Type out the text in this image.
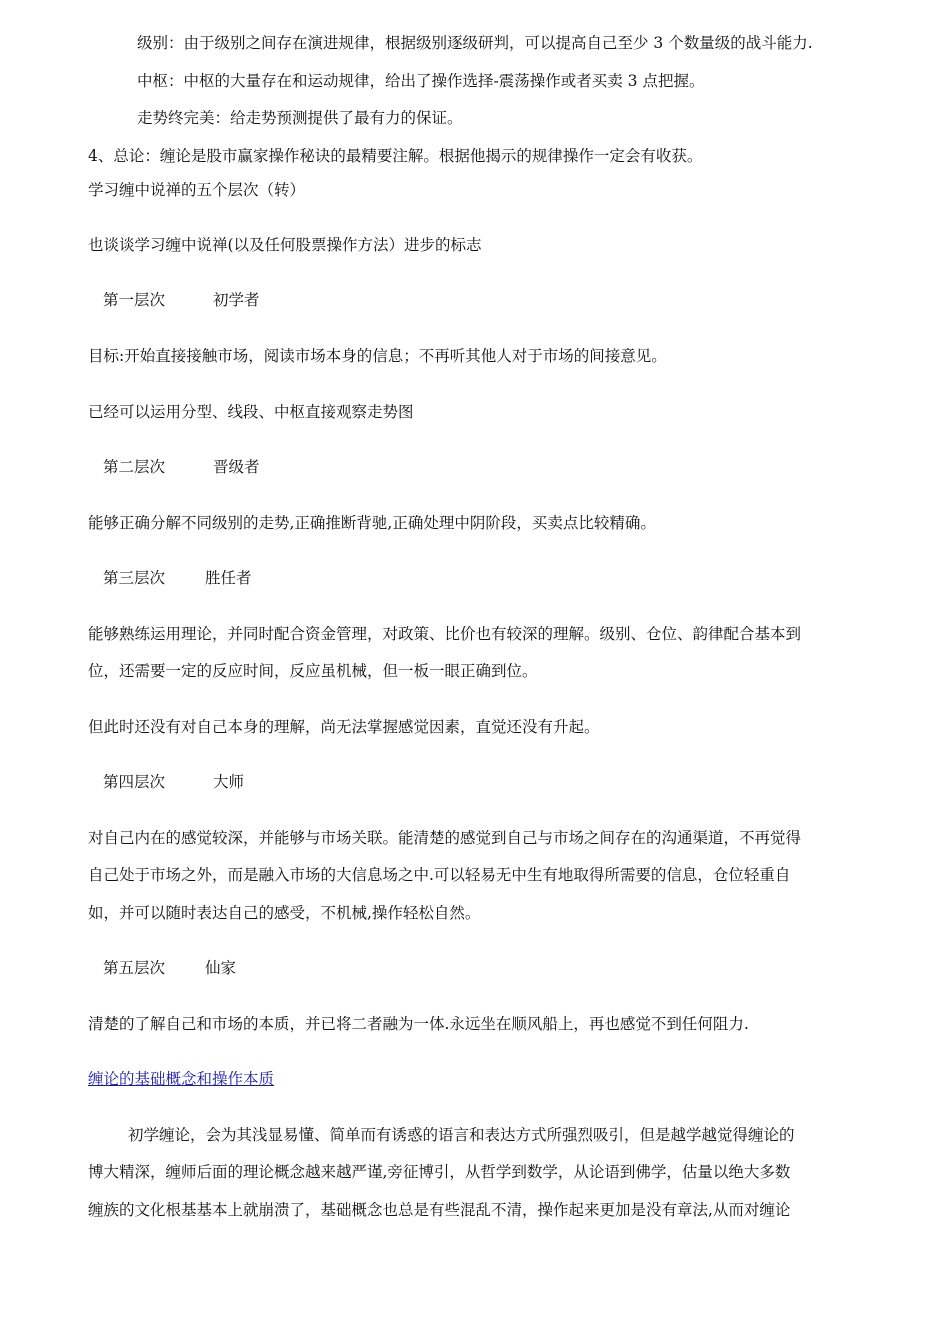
级别：由于级别之间存在演进规律，根据级别逐级研判，可以提高自己至少 3 个数量级的战斗能力.
中枢：中枢的大量存在和运动规律，给出了操作选择-震荡操作或者买卖 3 点把握。
走势终完美：给走势预测提供了最有力的保证。
4、总论：缠论是股市赢家操作秘诀的最精要注解。根据他揭示的规律操作一定会有收获。
学习缠中说禅的五个层次（转）
也谈谈学习缠中说禅(以及任何股票操作方法）进步的标志
第一层次	初学者
目标:开始直接接触市场，阅读市场本身的信息；不再听其他人对于市场的间接意见。
已经可以运用分型、线段、中枢直接观察走势图
第二层次	晋级者
能够正确分解不同级别的走势,正确推断背驰,正确处理中阴阶段，买卖点比较精确。
第三层次	胜任者
能够熟练运用理论，并同时配合资金管理，对政策、比价也有较深的理解。级别、仓位、韵律配合基本到
位，还需要一定的反应时间，反应虽机械，但一板一眼正确到位。
但此时还没有对自己本身的理解，尚无法掌握感觉因素，直觉还没有升起。
第四层次	大师
对自己内在的感觉较深，并能够与市场关联。能清楚的感觉到自己与市场之间存在的沟通渠道，不再觉得
自己处于市场之外，而是融入市场的大信息场之中.可以轻易无中生有地取得所需要的信息，仓位轻重自
如，并可以随时表达自己的感受，不机械,操作轻松自然。
第五层次	仙家
清楚的了解自己和市场的本质，并已将二者融为一体.永远坐在顺风船上，再也感觉不到任何阻力.
缠论的基础概念和操作本质
初学缠论，会为其浅显易懂、简单而有诱惑的语言和表达方式所强烈吸引，但是越学越觉得缠论的
博大精深，缠师后面的理论概念越来越严谨,旁征博引，从哲学到数学，从论语到佛学，估量以绝大多数
缠族的文化根基基本上就崩溃了，基础概念也总是有些混乱不清，操作起来更加是没有章法,从而对缠论
